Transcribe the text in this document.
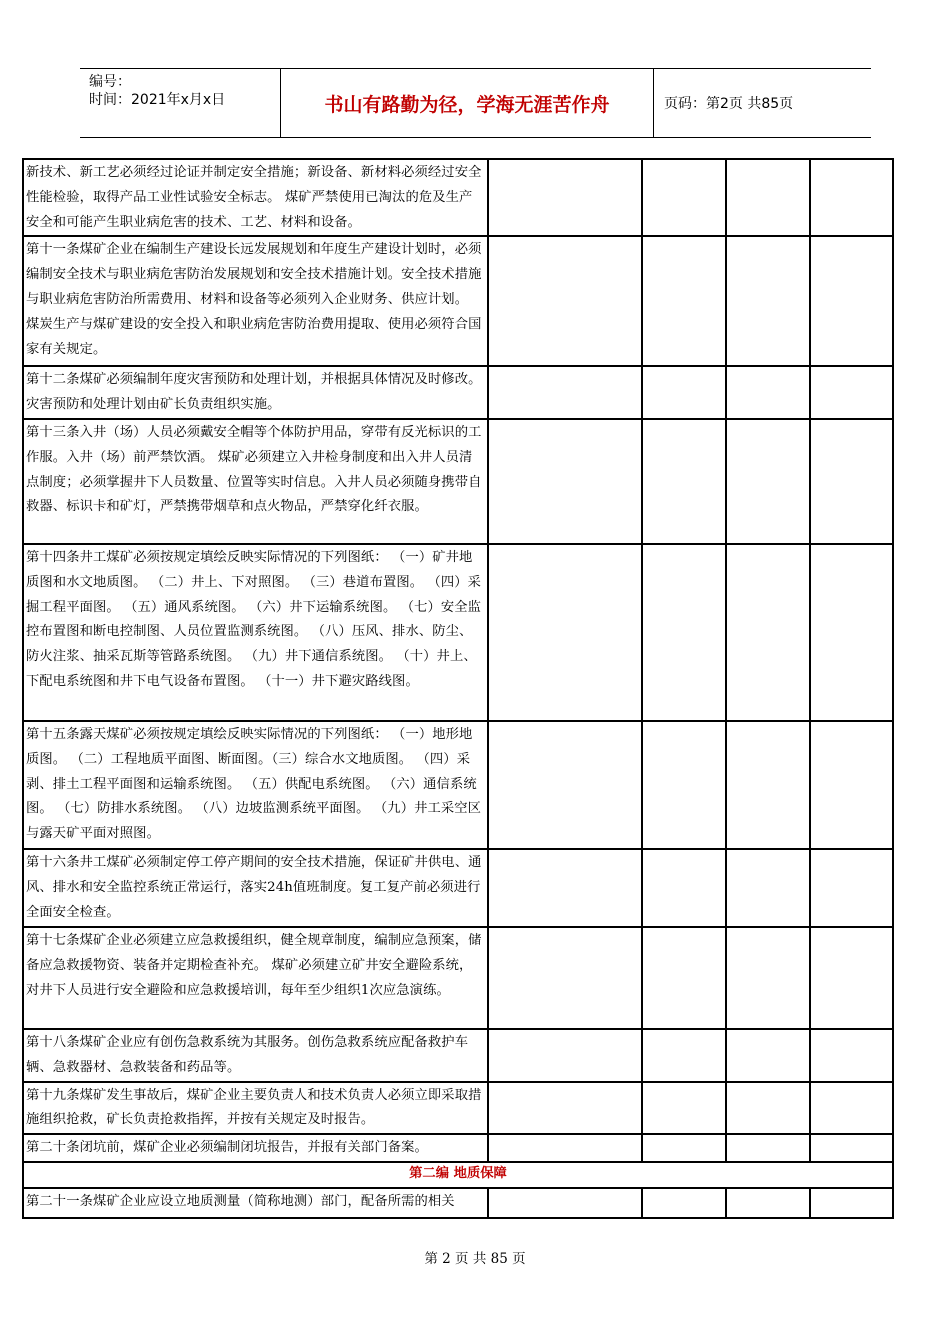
编号：
时间：2021年x月x日	书山有路勤为径，学海无涯苦作舟	页码：第2页 共85页
新技术、新工艺必须经过论证并制定安全措施；新设备、新材料必须经过安全性能检验，取得产品工业性试验安全标志。 煤矿严禁使用已淘汰的危及生产安全和可能产生职业病危害的技术、工艺、材料和设备。				
第十一条煤矿企业在编制生产建设长远发展规划和年度生产建设计划时，必须编制安全技术与职业病危害防治发展规划和安全技术措施计划。安全技术措施与职业病危害防治所需费用、材料和设备等必须列入企业财务、供应计划。 煤炭生产与煤矿建设的安全投入和职业病危害防治费用提取、使用必须符合国家有关规定。				
第十二条煤矿必须编制年度灾害预防和处理计划，并根据具体情况及时修改。灾害预防和处理计划由矿长负责组织实施。				
第十三条入井（场）人员必须戴安全帽等个体防护用品，穿带有反光标识的工作服。入井（场）前严禁饮酒。 煤矿必须建立入井检身制度和出入井人员清点制度；必须掌握井下人员数量、位置等实时信息。入井人员必须随身携带自救器、标识卡和矿灯，严禁携带烟草和点火物品，严禁穿化纤衣服。				
第十四条井工煤矿必须按规定填绘反映实际情况的下列图纸： （一）矿井地质图和水文地质图。 （二）井上、下对照图。 （三）巷道布置图。 （四）采掘工程平面图。 （五）通风系统图。 （六）井下运输系统图。 （七）安全监控布置图和断电控制图、人员位置监测系统图。 （八）压风、排水、防尘、防火注浆、抽采瓦斯等管路系统图。 （九）井下通信系统图。 （十）井上、下配电系统图和井下电气设备布置图。 （十一）井下避灾路线图。				
第十五条露天煤矿必须按规定填绘反映实际情况的下列图纸： （一）地形地质图。 （二）工程地质平面图、断面图。（三）综合水文地质图。 （四）采剥、排土工程平面图和运输系统图。 （五）供配电系统图。 （六）通信系统图。 （七）防排水系统图。 （八）边坡监测系统平面图。 （九）井工采空区与露天矿平面对照图。				
第十六条井工煤矿必须制定停工停产期间的安全技术措施，保证矿井供电、通风、排水和安全监控系统正常运行，落实24h值班制度。复工复产前必须进行全面安全检查。				
第十七条煤矿企业必须建立应急救援组织，健全规章制度，编制应急预案，储备应急救援物资、装备并定期检查补充。 煤矿必须建立矿井安全避险系统，对井下人员进行安全避险和应急救援培训，每年至少组织1次应急演练。				
第十八条煤矿企业应有创伤急救系统为其服务。创伤急救系统应配备救护车辆、急救器材、急救装备和药品等。				
第十九条煤矿发生事故后，煤矿企业主要负责人和技术负责人必须立即采取措施组织抢救，矿长负责抢救指挥，并按有关规定及时报告。				
第二十条闭坑前，煤矿企业必须编制闭坑报告，并报有关部门备案。				
第二编 地质保障				
第二十一条煤矿企业应设立地质测量（简称地测）部门，配备所需的相关				
第 2 页 共 85 页
